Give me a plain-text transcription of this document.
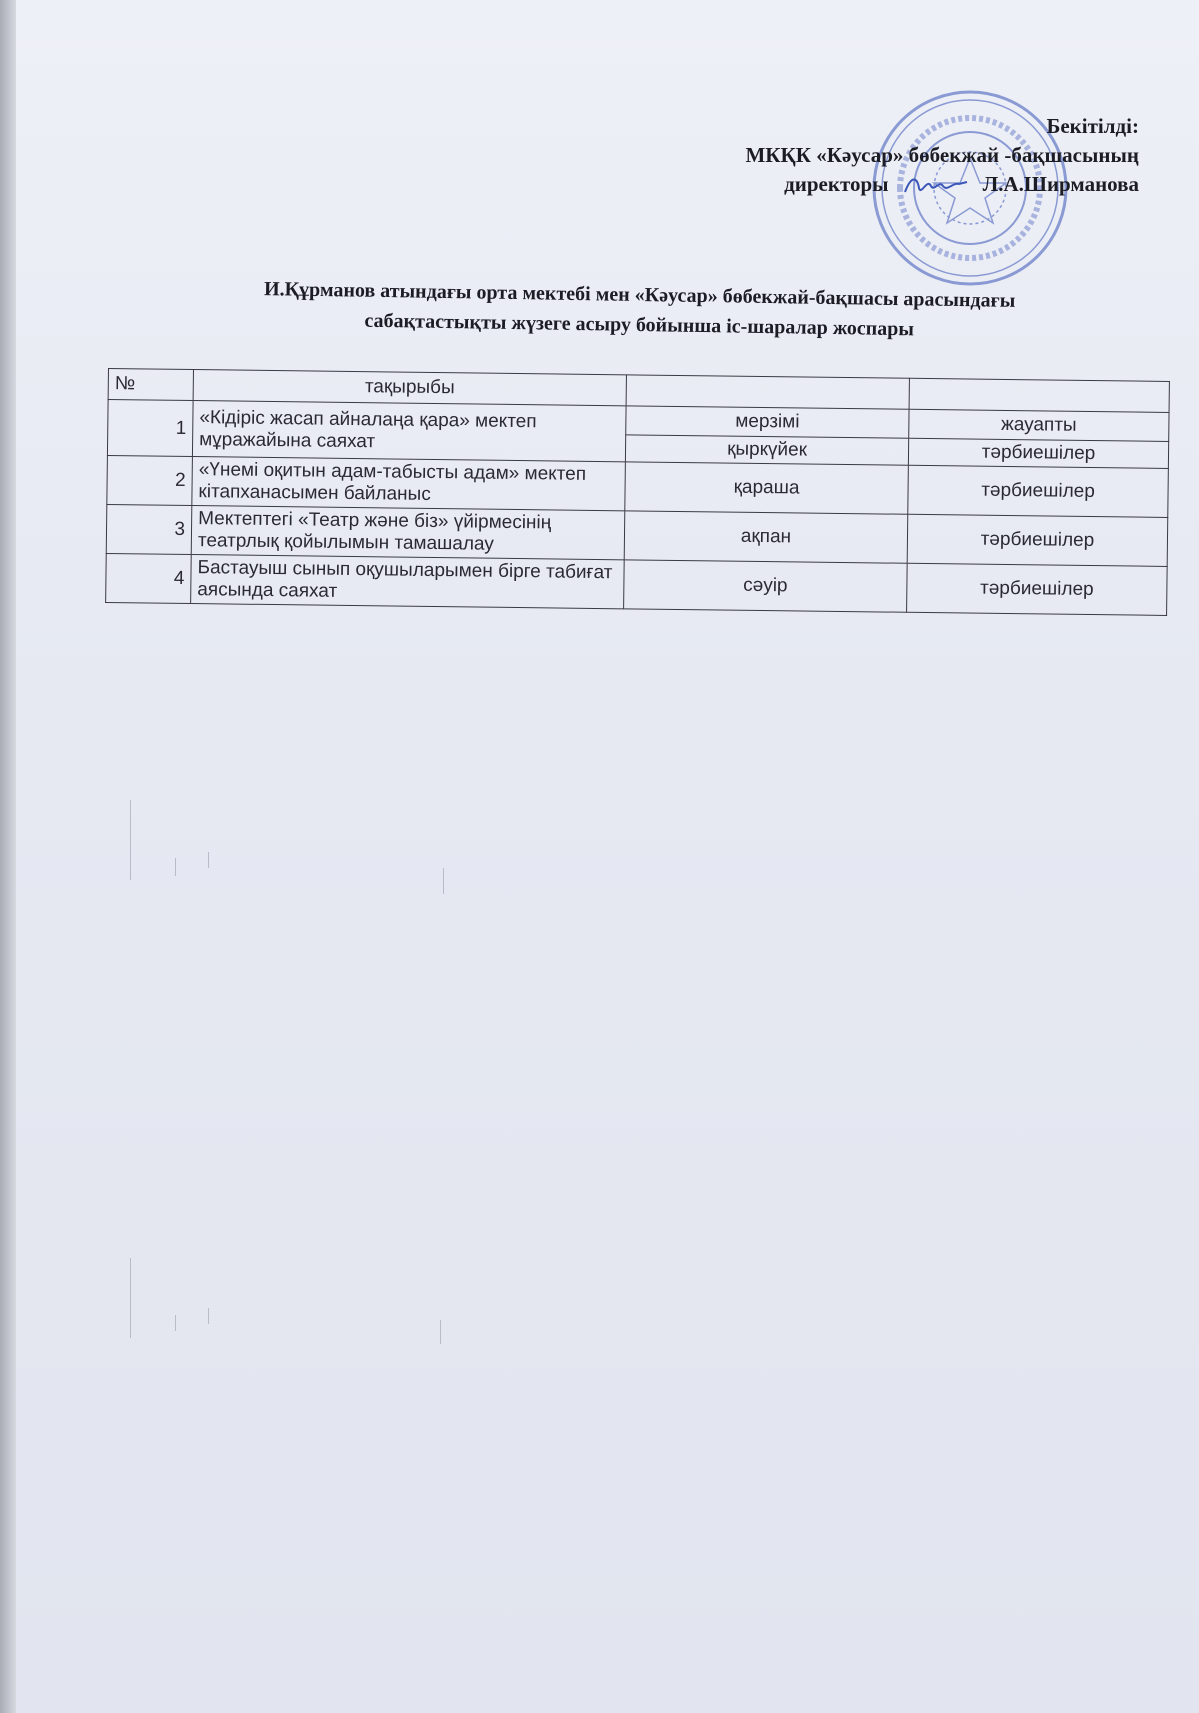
Бекітілді:
МКҚК «Кәусар» бөбекжай -бақшасының
директоры	Л.А.Ширманова
И.Құрманов атындағы орта мектебі мен «Кәусар» бөбекжай-бақшасы арасындағы
сабақтастықты жүзеге асыру бойынша іс-шаралар жоспары
№	тақырыбы		
1	«Кідіріс жасап айналаңа қара» мектеп мұражайына саяхат	мерзімі	жауапты
		қыркүйек	тәрбиешілер
2	«Үнемі оқитын адам-табысты адам» мектеп кітапханасымен байланыс	қараша	тәрбиешілер
3	Мектептегі «Театр және біз» үйірмесінің театрлық қойылымын тамашалау	ақпан	тәрбиешілер
4	Бастауыш сынып оқушыларымен бірге табиғат аясында саяхат	сәуір	тәрбиешілер
